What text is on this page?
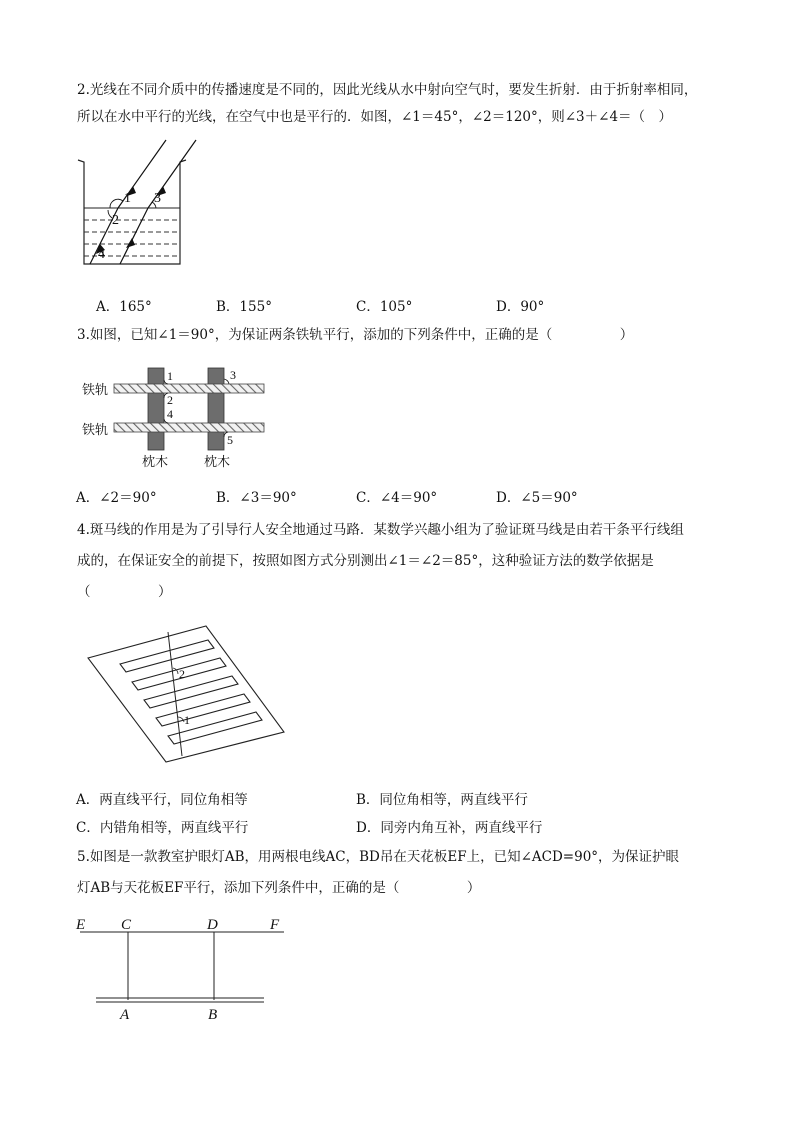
2.光线在不同介质中的传播速度是不同的，因此光线从水中射向空气时，要发生折射．由于折射率相同，
所以在水中平行的光线，在空气中也是平行的．如图，∠1＝45°，∠2＝120°，则∠3＋∠4＝（　）
1
2
3
4
A．165°	B．155°	C．105°	D．90°
3.如图，已知∠1＝90°，为保证两条铁轨平行，添加的下列条件中，正确的是（　　　　　）
1
2
3
4
5
铁轨
铁轨
枕木	枕木
A．∠2＝90°	B．∠3＝90°	C．∠4＝90°	D．∠5＝90°
4.斑马线的作用是为了引导行人安全地通过马路．某数学兴趣小组为了验证斑马线是由若干条平行线组
成的，在保证安全的前提下，按照如图方式分别测出∠1＝∠2＝85°，这种验证方法的数学依据是
（　　　　　）
2
1
A．两直线平行，同位角相等	B．同位角相等，两直线平行
C．内错角相等，两直线平行	D．同旁内角互补，两直线平行
5.如图是一款教室护眼灯AB，用两根电线AC，BD吊在天花板EF上，已知∠ACD=90°，为保证护眼
灯AB与天花板EF平行，添加下列条件中，正确的是（　　　　　）
E C	D	F
A	B
